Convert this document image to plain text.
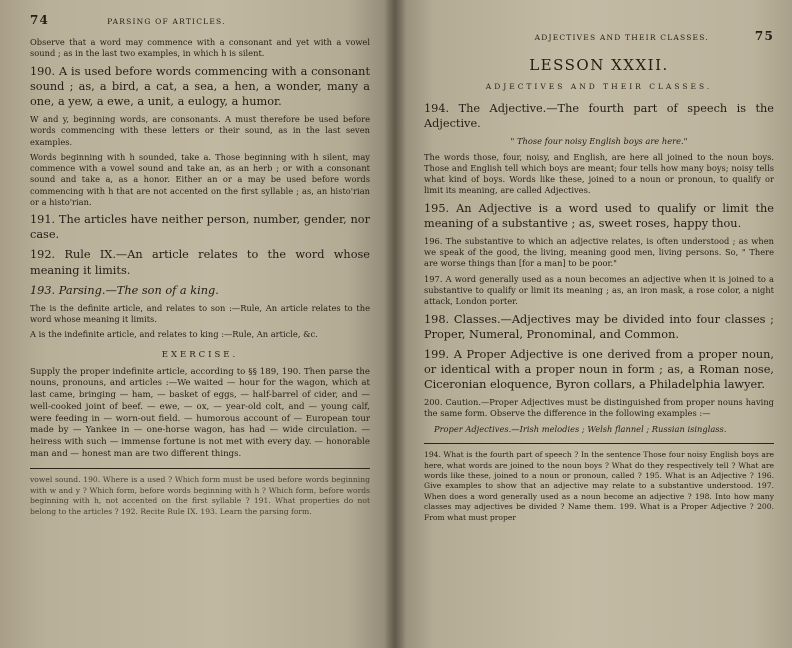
74	PARSING OF ARTICLES.

Observe that a word may commence with a consonant and yet with a vowel sound ; as in the last two examples, in which h is silent.

190. A is used before words commencing with a consonant sound ; as, a bird, a cat, a sea, a hen, a wonder, many a one, a yew, a ewe, a unit, a eulogy, a humor.

W and y, beginning words, are consonants. A must therefore be used before words commencing with these letters or their sound, as in the last seven examples.

Words beginning with h sounded, take a. Those beginning with h silent, may commence with a vowel sound and take an, as an herb ; or with a consonant sound and take a, as a honor. Either an or a may be used before words commencing with h that are not accented on the first syllable ; as, an histo'rian or a histo'rian.

191. The articles have neither person, number, gender, nor case.

192. Rule IX.—An article relates to the word whose meaning it limits.

193. Parsing.—The son of a king.

The is the definite article, and relates to son :—Rule, An article relates to the word whose meaning it limits.

A is the indefinite article, and relates to king :—Rule, An article, &c.

EXERCISE.

Supply the proper indefinite article, according to §§ 189, 190. Then parse the nouns, pronouns, and articles :—We waited — hour for the wagon, which at last came, bringing — ham, — basket of eggs, — half-barrel of cider, and — well-cooked joint of beef. — ewe, — ox, — year-old colt, and — young calf, were feeding in — worn-out field. — humorous account of — European tour made by — Yankee in — one-horse wagon, has had — wide circulation. — heiress with such — immense fortune is not met with every day. — honorable man and — honest man are two different things.

vowel sound. 190. Where is a used ? Which form must be used before words beginning with w and y ? Which form, before words beginning with h ? Which form, before words beginning with h, not accented on the first syllable ? 191. What properties do not belong to the articles ? 192. Recite Rule IX. 193. Learn the parsing form.

ADJECTIVES AND THEIR CLASSES.	75
LESSON XXXII.
ADJECTIVES AND THEIR CLASSES.

194. The Adjective.—The fourth part of speech is the Adjective.

" Those four noisy English boys are here."

The words those, four, noisy, and English, are here all joined to the noun boys. Those and English tell which boys are meant; four tells how many boys; noisy tells what kind of boys. Words like these, joined to a noun or pronoun, to qualify or limit its meaning, are called Adjectives.

195. An Adjective is a word used to qualify or limit the meaning of a substantive ; as, sweet roses, happy thou.

196. The substantive to which an adjective relates, is often understood ; as when we speak of the good, the living, meaning good men, living persons. So, " There are worse things than [for a man] to be poor."

197. A word generally used as a noun becomes an adjective when it is joined to a substantive to qualify or limit its meaning ; as, an iron mask, a rose color, a night attack, London porter.

198. Classes.—Adjectives may be divided into four classes ; Proper, Numeral, Pronominal, and Common.

199. A Proper Adjective is one derived from a proper noun, or identical with a proper noun in form ; as, a Roman nose, Ciceronian eloquence, Byron collars, a Philadelphia lawyer.

200. Caution.—Proper Adjectives must be distinguished from proper nouns having the same form. Observe the difference in the following examples :—

Proper Adjectives.—Irish melodies ; Welsh flannel ; Russian isinglass.

194. What is the fourth part of speech ? In the sentence Those four noisy English boys are here, what words are joined to the noun boys ? What do they respectively tell ? What are words like these, joined to a noun or pronoun, called ? 195. What is an Adjective ? 196. Give examples to show that an adjective may relate to a substantive understood. 197. When does a word generally used as a noun become an adjective ? 198. Into how many classes may adjectives be divided ? Name them. 199. What is a Proper Adjective ? 200. From what must proper
